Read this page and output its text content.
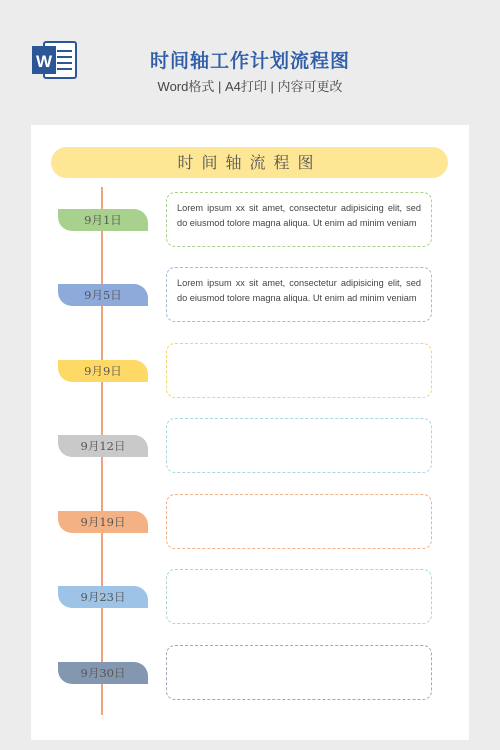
W	时间轴工作计划流程图
Word格式 | A4打印 | 内容可更改
时间轴流程图
9月1日

Lorem ipsum xx sit amet, consectetur adipisicing elit, sed do eiusmod tolore magna aliqua. Ut enim ad minim veniam

9月5日

Lorem ipsum xx sit amet, consectetur adipisicing elit, sed do eiusmod tolore magna aliqua. Ut enim ad minim veniam

9月9日

9月12日

9月19日

9月23日

9月30日
